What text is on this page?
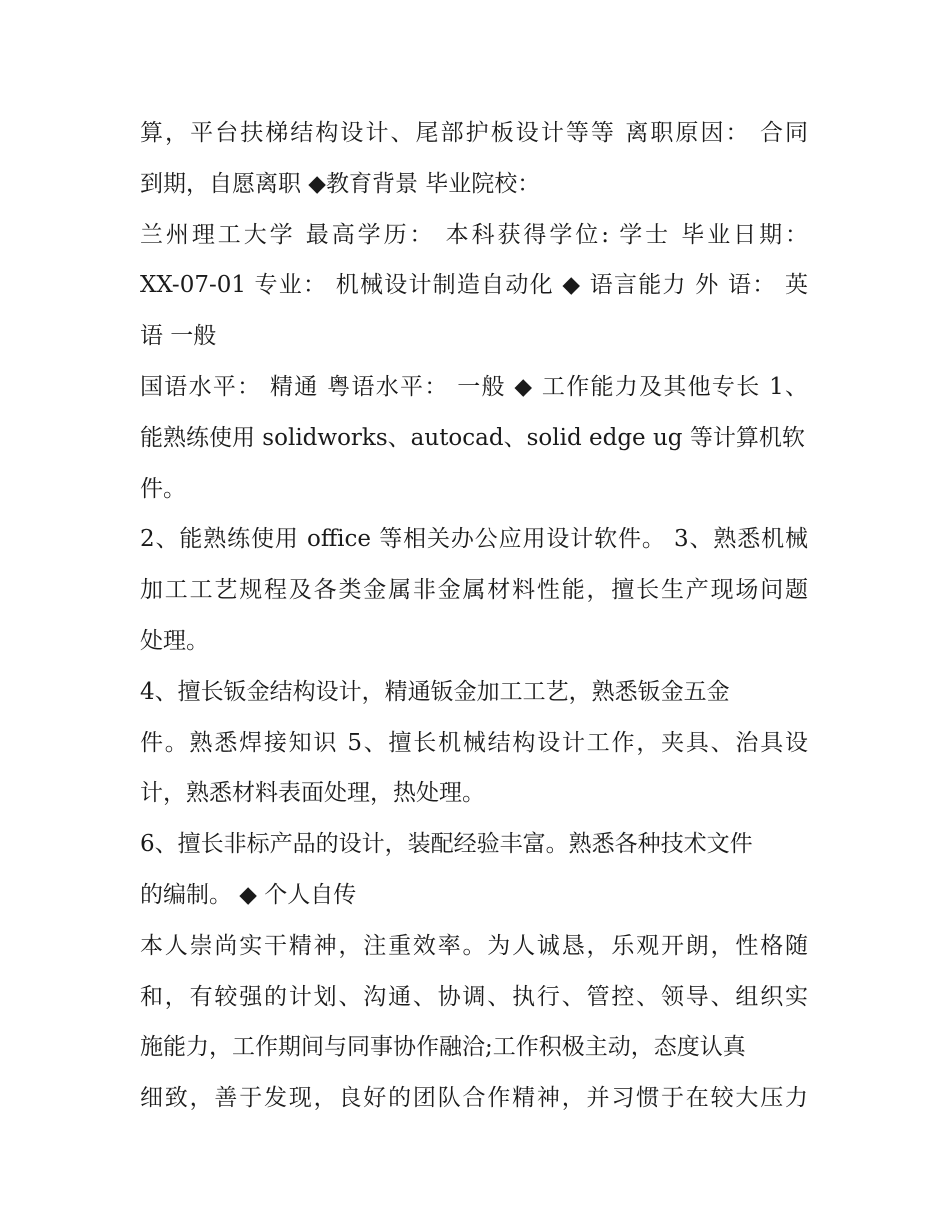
算，平台扶梯结构设计、尾部护板设计等等 离职原因： 合同
到期，自愿离职 ◆教育背景 毕业院校：
兰州理工大学 最高学历： 本科获得学位: 学士 毕业日期：
XX-07-01 专业： 机械设计制造自动化 ◆ 语言能力 外 语： 英
语 一般
国语水平： 精通 粤语水平： 一般 ◆ 工作能力及其他专长 1、
能熟练使用 solidworks、autocad、solid edge ug 等计算机软
件。
2、能熟练使用 office 等相关办公应用设计软件。 3、熟悉机械
加工工艺规程及各类金属非金属材料性能，擅长生产现场问题
处理。
4、擅长钣金结构设计，精通钣金加工工艺，熟悉钣金五金
件。熟悉焊接知识 5、擅长机械结构设计工作，夹具、治具设
计，熟悉材料表面处理，热处理。
6、擅长非标产品的设计，装配经验丰富。熟悉各种技术文件
的编制。 ◆ 个人自传
本人崇尚实干精神，注重效率。为人诚恳，乐观开朗，性格随
和，有较强的计划、沟通、协调、执行、管控、领导、组织实
施能力，工作期间与同事协作融洽;工作积极主动，态度认真
细致，善于发现，良好的团队合作精神，并习惯于在较大压力
